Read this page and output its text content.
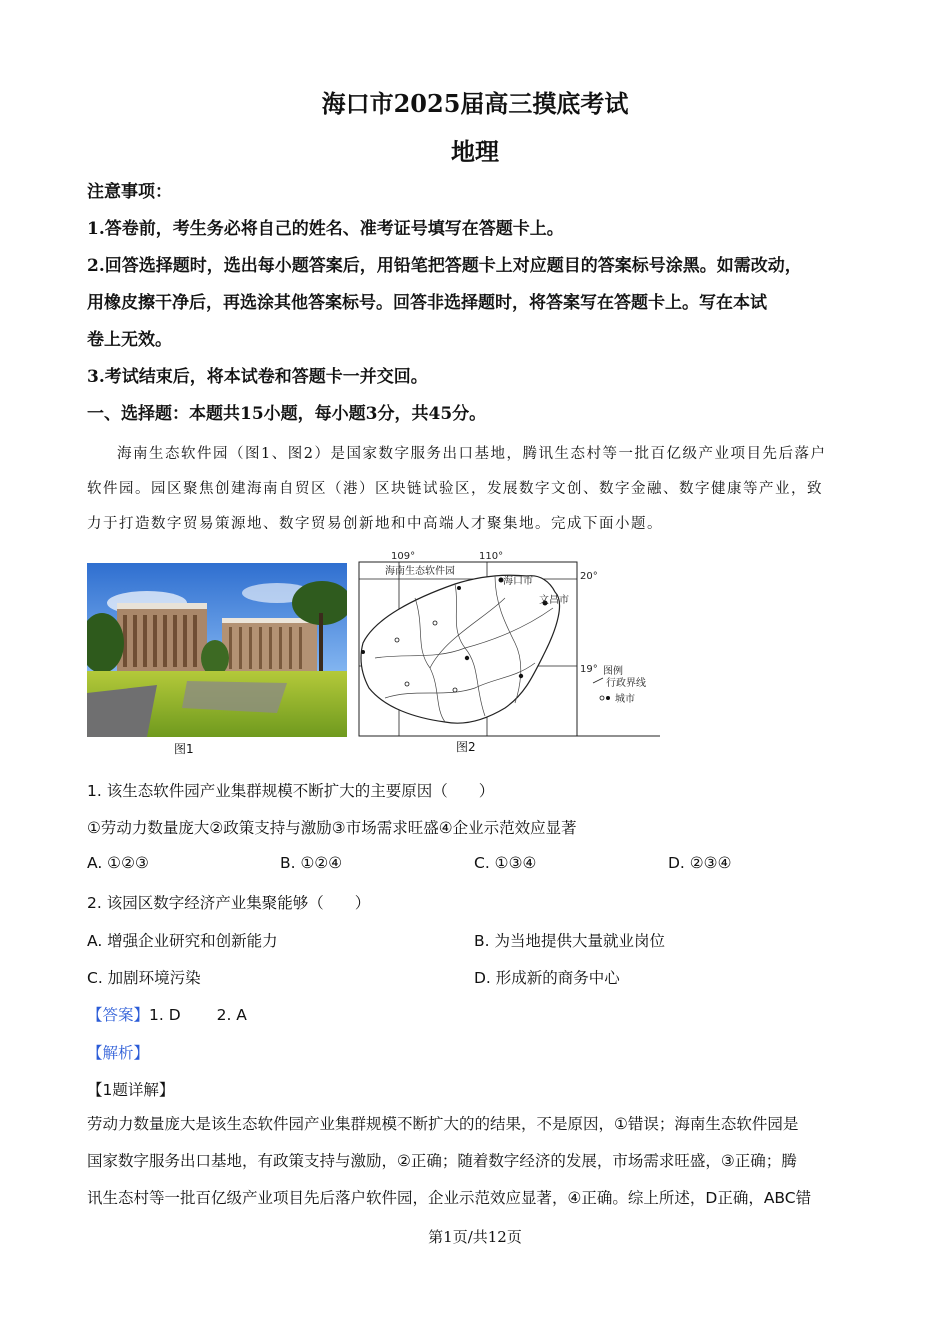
海口市2025届高三摸底考试
地理

注意事项：

1.答卷前，考生务必将自己的姓名、准考证号填写在答题卡上。

2.回答选择题时，选出每小题答案后，用铅笔把答题卡上对应题目的答案标号涂黑。如需改动，

用橡皮擦干净后，再选涂其他答案标号。回答非选择题时，将答案写在答题卡上。写在本试

卷上无效。

3.考试结束后，将本试卷和答题卡一并交回。

一、选择题：本题共15小题，每小题3分，共45分。

海南生态软件园（图1、图2）是国家数字服务出口基地，腾讯生态村等一批百亿级产业项目先后落户

软件园。园区聚焦创建海南自贸区（港）区块链试验区，发展数字文创、数字金融、数字健康等产业，致

力于打造数字贸易策源地、数字贸易创新地和中高端人才聚集地。完成下面小题。

图1
109°	110°
20°
19°
海南生态软件园
海口市
文昌市
图例
行政界线
城市
图2
1. 该生态软件园产业集群规模不断扩大的主要原因（　　）
①劳动力数量庞大②政策支持与激励③市场需求旺盛④企业示范效应显著
A. ①②③	B. ①②④	C. ①③④	D. ②③④
2. 该园区数字经济产业集聚能够（　　）
A. 增强企业研究和创新能力	B. 为当地提供大量就业岗位
C. 加剧环境污染	D. 形成新的商务中心
【答案】1. D　　 2. A
【解析】
【1题详解】

劳动力数量庞大是该生态软件园产业集群规模不断扩大的的结果，不是原因，①错误；海南生态软件园是

国家数字服务出口基地，有政策支持与激励，②正确；随着数字经济的发展，市场需求旺盛，③正确；腾

讯生态村等一批百亿级产业项目先后落户软件园，企业示范效应显著，④正确。综上所述，D正确，ABC错

第1页/共12页
